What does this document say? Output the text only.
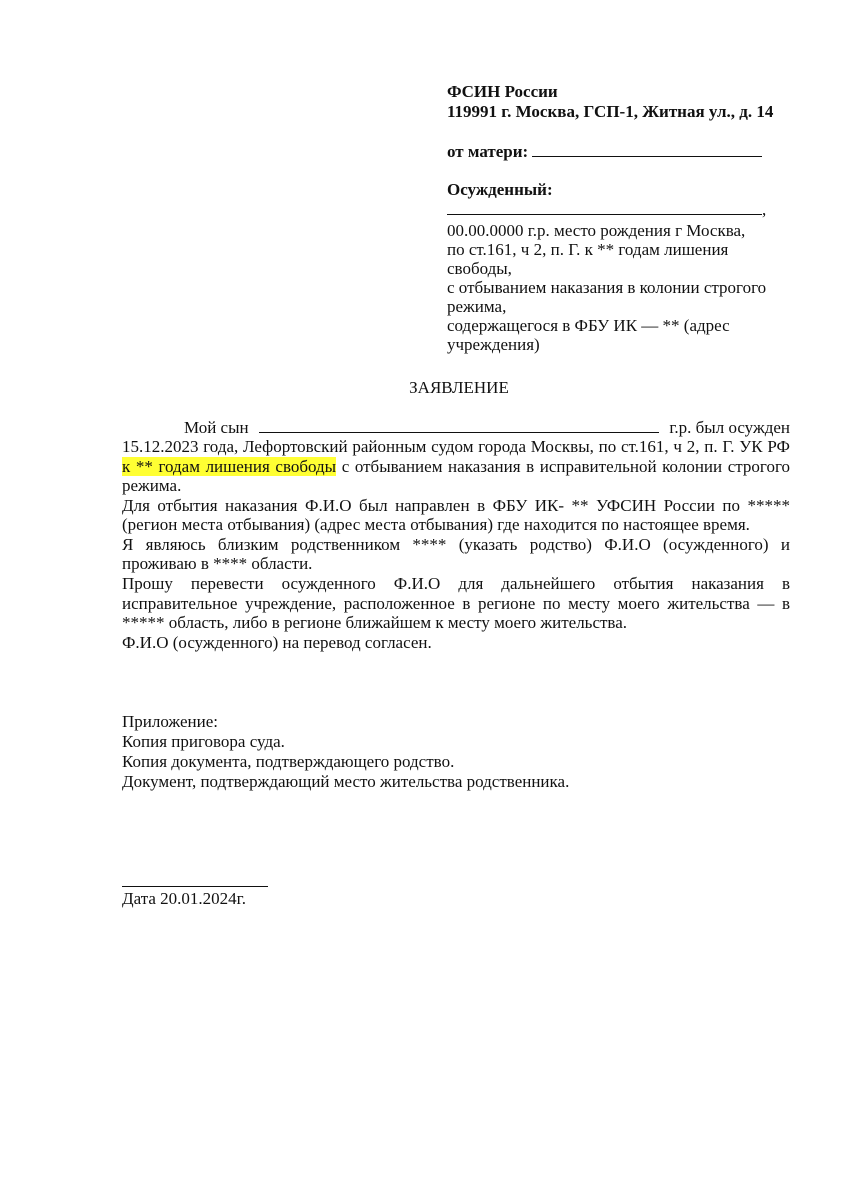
ФСИН России
119991 г. Москва, ГСП-1, Житная ул., д. 14
от матери:
Осужденный:
,
00.00.0000 г.р. место рождения г Москва,
по ст.161, ч 2, п. Г. к ** годам лишения
свободы,
с отбыванием наказания в колонии строгого
режима,
содержащегося в ФБУ ИК — ** (адрес
учреждения)
ЗАЯВЛЕНИЕ
Мой сын	г.р. был осужден
15.12.2023 года, Лефортовский районным судом города Москвы, по ст.161, ч 2, п. Г. УК РФ
к ** годам лишения свободы с отбыванием наказания в исправительной колонии строгого
режима.
Для отбытия наказания Ф.И.О был направлен в ФБУ ИК- ** УФСИН России по *****
(регион места отбывания) (адрес места отбывания) где находится по настоящее время.
Я являюсь близким родственником **** (указать родство) Ф.И.О (осужденного) и
проживаю в **** области.
Прошу перевести осужденного Ф.И.О для дальнейшего отбытия наказания в
исправительное учреждение, расположенное в регионе по месту моего жительства — в
***** область, либо в регионе ближайшем к месту моего жительства.
Ф.И.О (осужденного) на перевод согласен.
Приложение:
Копия приговора суда.
Копия документа, подтверждающего родство.
Документ, подтверждающий место жительства родственника.
Дата 20.01.2024г.
